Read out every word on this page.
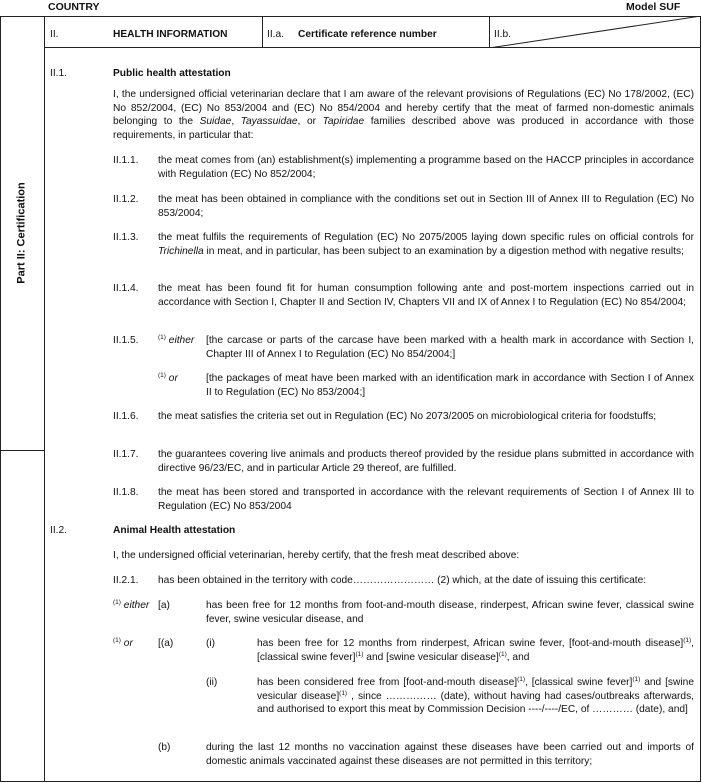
COUNTRY	Model SUF
Part II: Certification
II.	HEALTH INFORMATION	II.a. Certificate reference number	II.b.
II.1.	Public health attestation
I, the undersigned official veterinarian declare that I am aware of the relevant provisions of Regulations (EC) No 178/2002, (EC) No 852/2004, (EC) No 853/2004 and (EC) No 854/2004 and hereby certify that the meat of farmed non-domestic animals belonging to the Suidae, Tayassuidae, or Tapiridae families described above was produced in accordance with those requirements, in particular that:
II.1.1. the meat comes from (an) establishment(s) implementing a programme based on the HACCP principles in accordance with Regulation (EC) No 852/2004;
II.1.2. the meat has been obtained in compliance with the conditions set out in Section III of Annex III to Regulation (EC) No 853/2004;
II.1.3. the meat fulfils the requirements of Regulation (EC) No 2075/2005 laying down specific rules on official controls for Trichinella in meat, and in particular, has been subject to an examination by a digestion method with negative results;
II.1.4. the meat has been found fit for human consumption following ante and post-mortem inspections carried out in accordance with Section I, Chapter II and Section IV, Chapters VII and IX of Annex I to Regulation (EC) No 854/2004;
II.1.5.	$^{(1)}$ either [the carcase or parts of the carcase have been marked with a health mark in accordance with Section I, Chapter III of Annex I to Regulation (EC) No 854/2004;]
$^{(1)}$ or	[the packages of meat have been marked with an identification mark in accordance with Section I of Annex II to Regulation (EC) No 853/2004;]
II.1.6. the meat satisfies the criteria set out in Regulation (EC) No 2073/2005 on microbiological criteria for foodstuffs;
II.1.7. the guarantees covering live animals and products thereof provided by the residue plans submitted in accordance with directive 96/23/EC, and in particular Article 29 thereof, are fulfilled.
II.1.8. the meat has been stored and transported in accordance with the relevant requirements of Section I of Annex III to Regulation (EC) No 853/2004
II.2.	Animal Health attestation
I, the undersigned official veterinarian, hereby certify, that the fresh meat described above:
II.2.1. has been obtained in the territory with code…………………… (2) which, at the date of issuing this certificate:
$^{(1)}$ either [a)	has been free for 12 months from foot-and-mouth disease, rinderpest, African swine fever, classical swine fever, swine vesicular disease, and
$^{(1)}$ or [(a)	(i)	has been free for 12 months from rinderpest, African swine fever, [foot-and-mouth disease]$^{(1)}$, [classical swine fever]$^{(1)}$ and [swine vesicular disease]$^{(1)}$, and
(ii)	has been considered free from [foot-and-mouth disease]$^{(1)}$, [classical swine fever]$^{(1)}$ and [swine vesicular disease]$^{(1)}$ , since …………… (date), without having had cases/outbreaks afterwards, and authorised to export this meat by Commission Decision ----/----/EC, of ………… (date), and]
(b)	during the last 12 months no vaccination against these diseases have been carried out and imports of domestic animals vaccinated against these diseases are not permitted in this territory;
